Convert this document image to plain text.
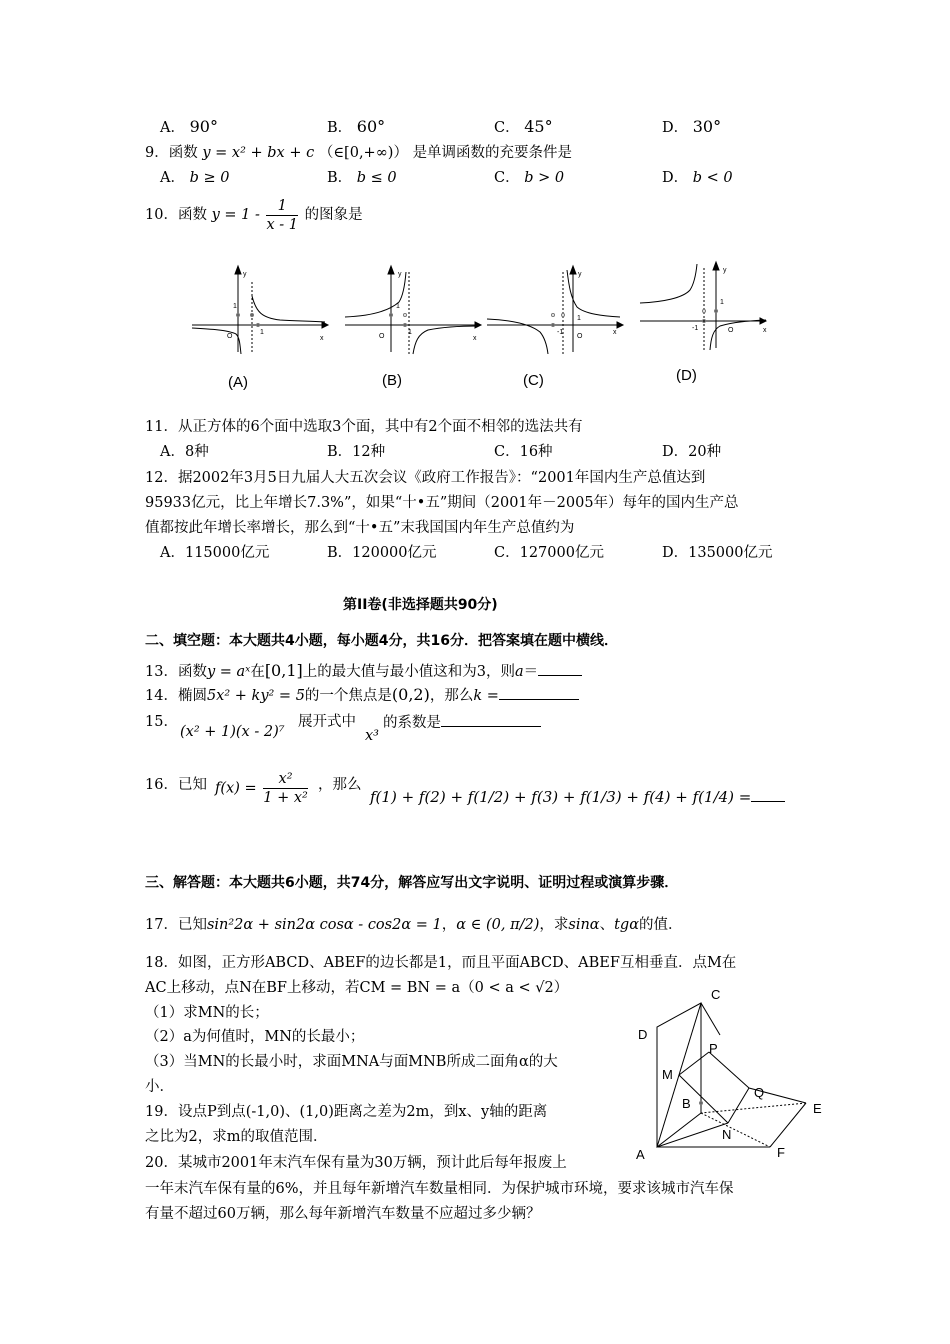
A． 90°	B． 60°	C． 45°	D． 30°
9．函数 y = x² + bx + c （∈[0,+∞)） 是单调函数的充要条件是
A． b ≥ 0	B． b ≤ 0	C． b > 0	D． b < 0
10．函数 $y = 1 - \frac{1}{x - 1}$ 的图象是
y
x
O
1
1
y
x
O
1
1
y
x
O
1
-1
y
x
O
1
-1
(A)	(B)	(C)	(D)
11．从正方体的6个面中选取3个面，其中有2个面不相邻的选法共有
A．8种	B．12种	C．16种	D．20种
12．据2002年3月5日九届人大五次会议《政府工作报告》：“2001年国内生产总值达到
95933亿元，比上年增长7.3%”，如果“十•五”期间（2001年－2005年）每年的国内生产总
值都按此年增长率增长，那么到“十•五”末我国国内年生产总值约为
A．115000亿元	B．120000亿元	C．127000亿元	D．135000亿元
第II卷(非选择题共90分)
二、填空题：本大题共4小题，每小题4分，共16分．把答案填在题中横线．
13．函数y = aˣ在[0,1]上的最大值与最小值这和为3，则a＝
14．椭圆5x² + ky² = 5的一个焦点是(0,2)，那么k =
15．
(x² + 1)(x - 2)⁷
展开式中
x³
的系数是
16．已知 $f(x) = \frac{\text{x²}}{\text{1 + x²}}$ ，那么
f(1) + f(2) + f(1/2) + f(3) + f(1/3) + f(4) + f(1/4) =
三、解答题：本大题共6小题，共74分，解答应写出文字说明、证明过程或演算步骤．
17．已知sin²2α + sin2α cosα - cos2α = 1，α ∈ (0, π/2)，求sinα、tgα的值．
18．如图，正方形ABCD、ABEF的边长都是1，而且平面ABCD、ABEF互相垂直．点M在
AC上移动，点N在BF上移动，若CM = BN = a（0 < a < √2）
（1）求MN的长；
（2）a为何值时，MN的长最小；
（3）当MN的长最小时，求面MNA与面MNB所成二面角α的大
小．
C
D
P
M
Q
B	E
N
A	F
19．设点P到点(-1,0)、(1,0)距离之差为2m，到x、y轴的距离
之比为2，求m的取值范围．
20．某城市2001年末汽车保有量为30万辆，预计此后每年报废上
一年末汽车保有量的6%，并且每年新增汽车数量相同．为保护城市环境，要求该城市汽车保
有量不超过60万辆，那么每年新增汽车数量不应超过多少辆？
